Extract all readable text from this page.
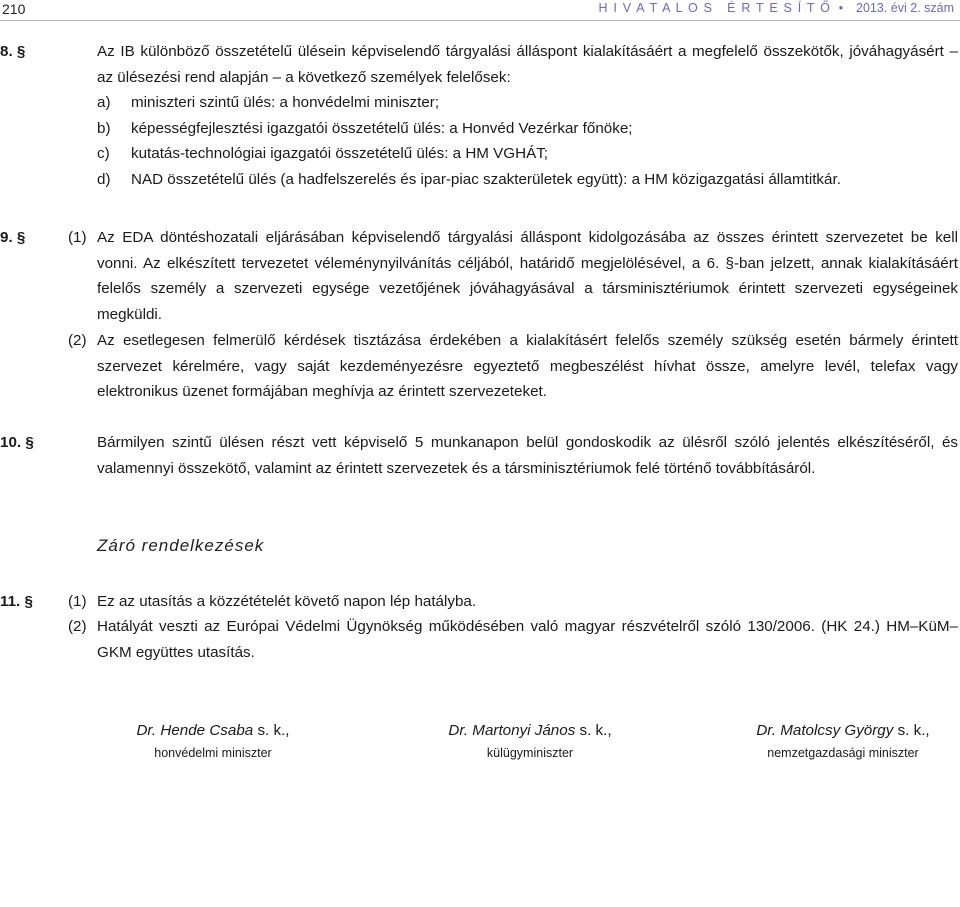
210	H I V A T A L O S   É R T E S Í T Ő • 2013. évi 2. szám
8. §	Az IB különböző összetételű ülésein képviselendő tárgyalási álláspont kialakításáért a megfelelő összekötők, jóváhagyásért – az ülésezési rend alapján – a következő személyek felelősek:
a) miniszteri szintű ülés: a honvédelmi miniszter;
b) képességfejlesztési igazgatói összetételű ülés: a Honvéd Vezérkar főnöke;
c) kutatás-technológiai igazgatói összetételű ülés: a HM VGHÁT;
d) NAD összetételű ülés (a hadfelszerelés és ipar-piac szakterületek együtt): a HM közigazgatási államtitkár.
9. §	(1) Az EDA döntéshozatali eljárásában képviselendő tárgyalási álláspont kidolgozásába az összes érintett szervezetet be kell vonni. Az elkészített tervezetet véleménynyilvánítás céljából, határidő megjelölésével, a 6. §-ban jelzett, annak kialakításáért felelős személy a szervezeti egysége vezetőjének jóváhagyásával a társminisztériumok érintett szervezeti egységeinek megküldi.
(2) Az esetlegesen felmerülő kérdések tisztázása érdekében a kialakításért felelős személy szükség esetén bármely érintett szervezet kérelmére, vagy saját kezdeményezésre egyeztető megbeszélést hívhat össze, amelyre levél, telefax vagy elektronikus üzenet formájában meghívja az érintett szervezeteket.
10. §	Bármilyen szintű ülésen részt vett képviselő 5 munkanapon belül gondoskodik az ülésről szóló jelentés elkészítéséről, és valamennyi összekötő, valamint az érintett szervezetek és a társminisztériumok felé történő továbbításáról.
Záró rendelkezések
11. § (1) Ez az utasítás a közzétételét követő napon lép hatályba.
(2) Hatályát veszti az Európai Védelmi Ügynökség működésében való magyar részvételről szóló 130/2006. (HK 24.) HM–KüM–GKM együttes utasítás.
Dr. Hende Csaba s. k.,
honvédelmi miniszter
Dr. Martonyi János s. k.,
külügyminiszter
Dr. Matolcsy György s. k.,
nemzetgazdasági miniszter
